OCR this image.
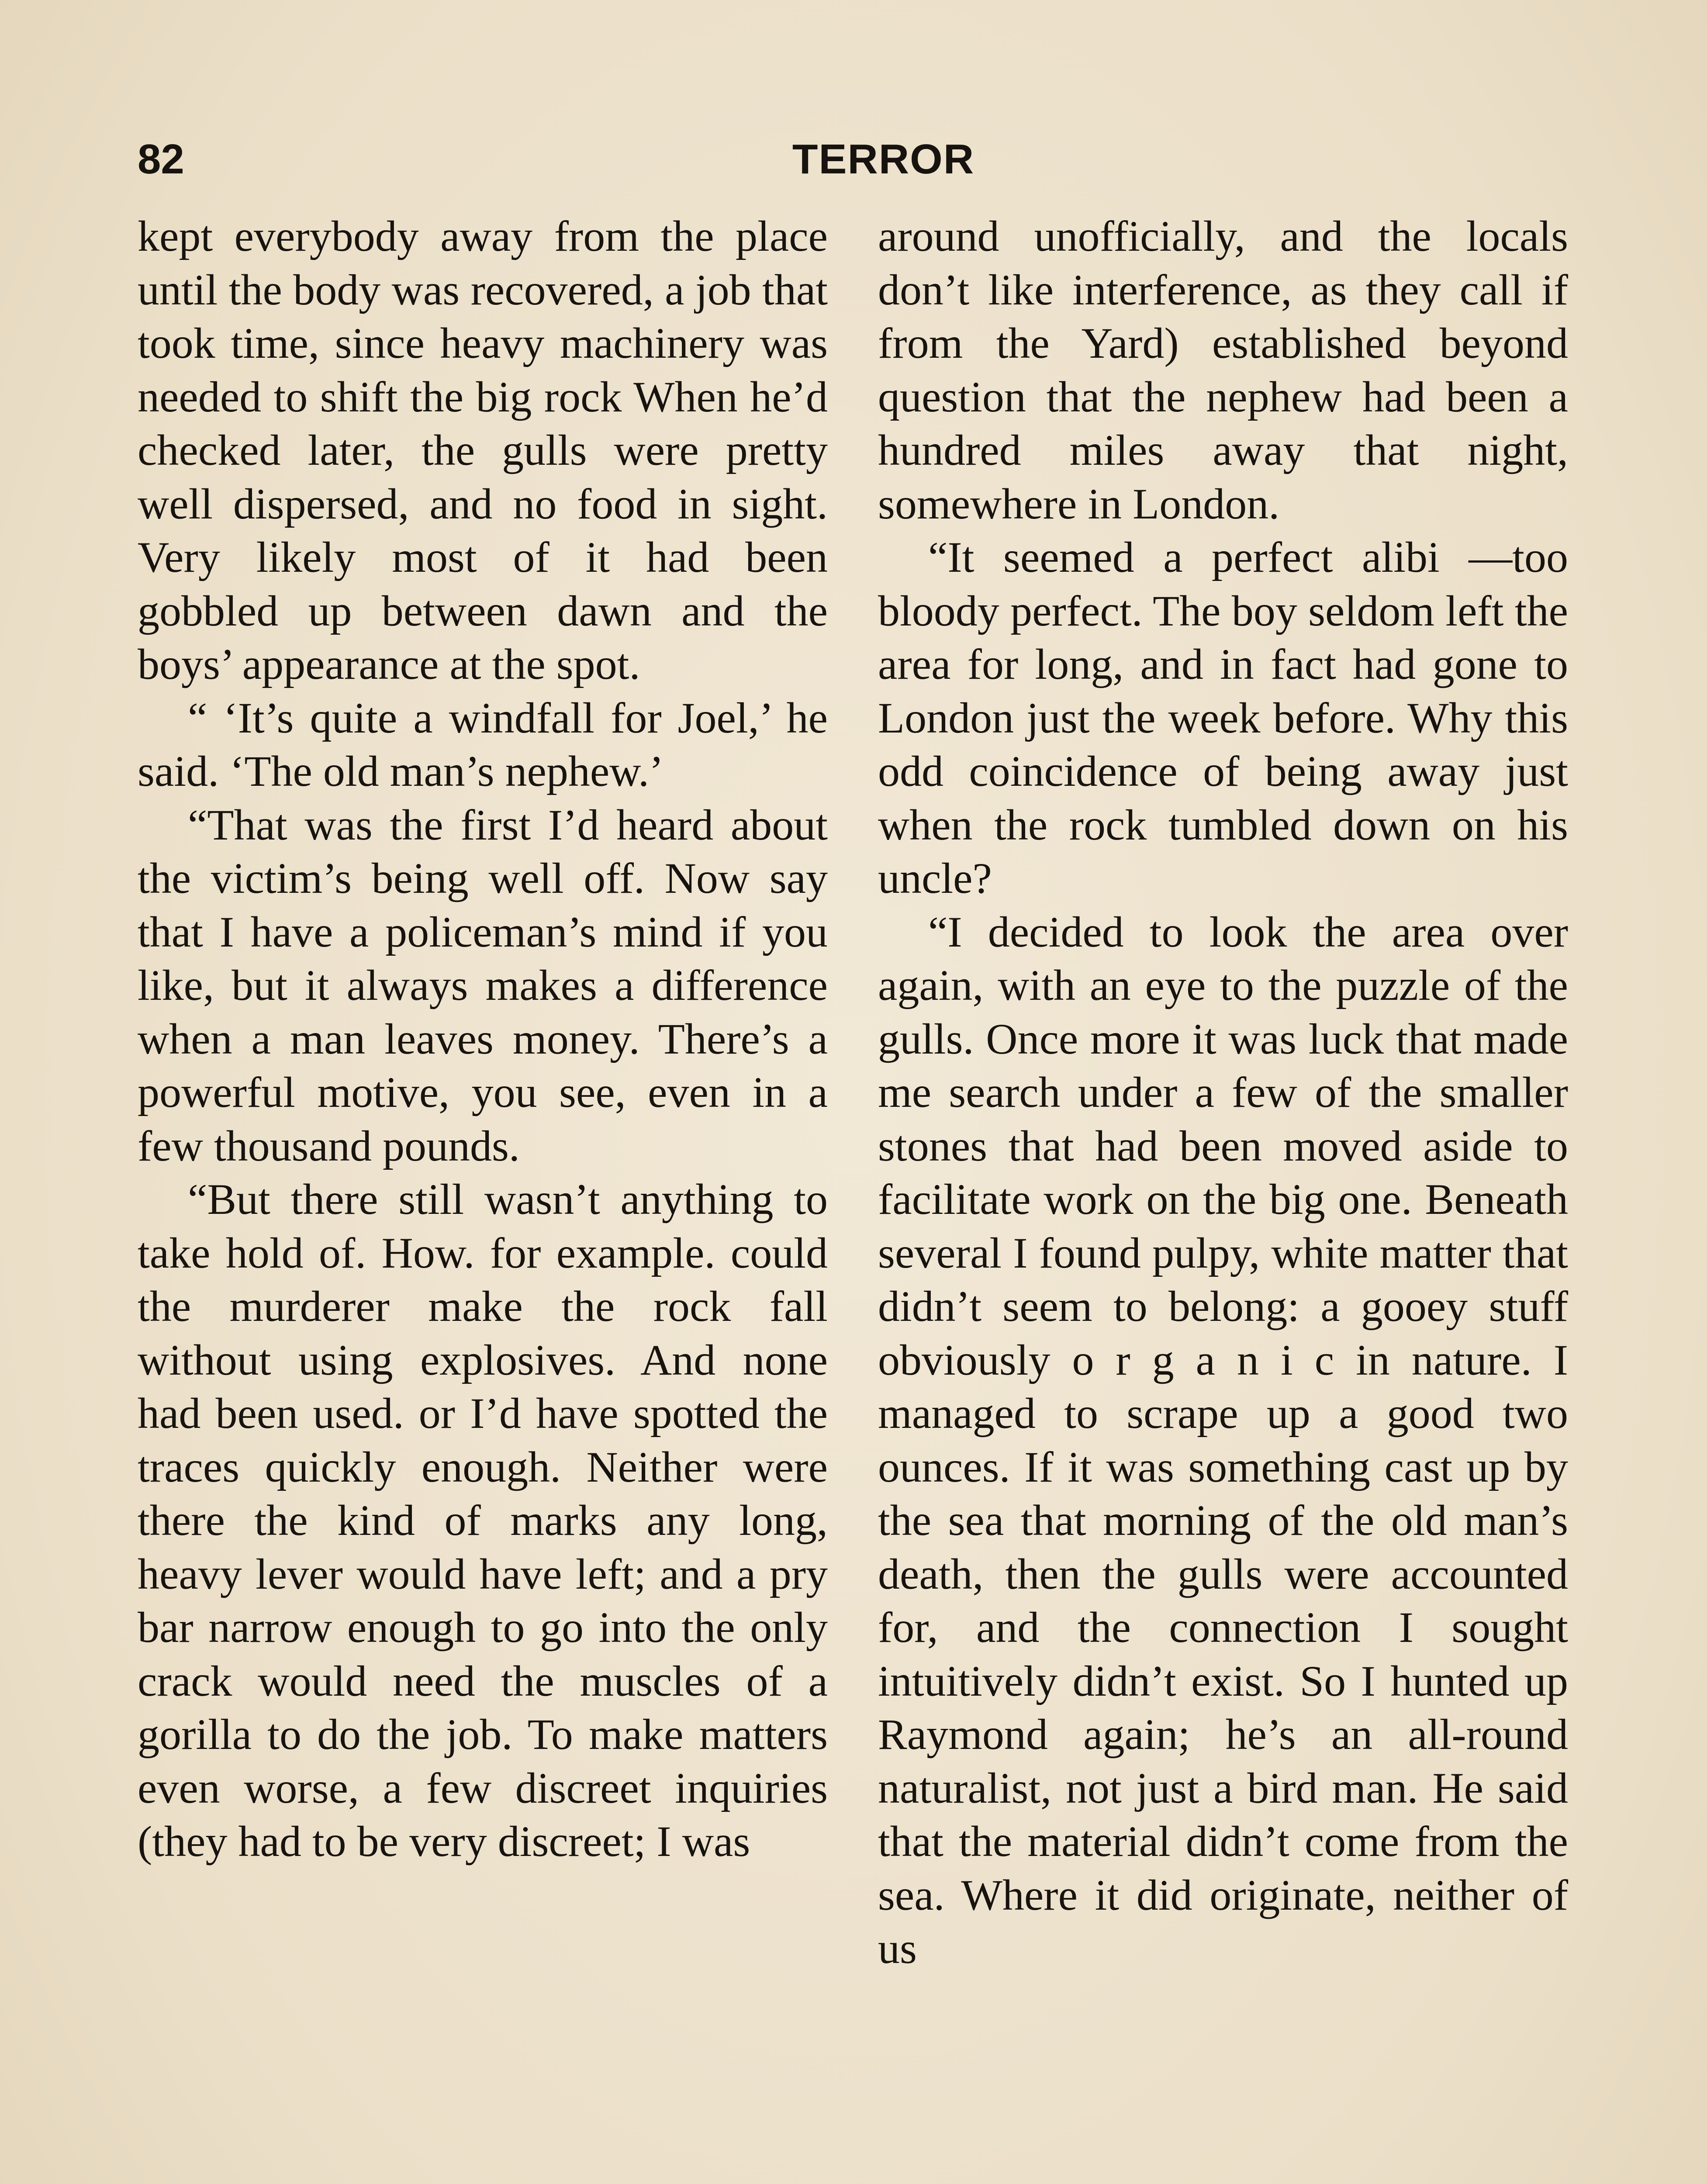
82	TERROR

kept everybody away from the place until the body was recovered, a job that took time, since heavy machinery was needed to shift the big rock When he’d checked later, the gulls were pretty well dispersed, and no food in sight. Very likely most of it had been gobbled up between dawn and the boys’ appearance at the spot.

“ ‘It’s quite a windfall for Joel,’ he said. ‘The old man’s nephew.’

“That was the first I’d heard about the victim’s being well off. Now say that I have a policeman’s mind if you like, but it always makes a difference when a man leaves money. There’s a powerful motive, you see, even in a few thousand pounds.

“But there still wasn’t anything to take hold of. How. for example. could the murderer make the rock fall without using explosives. And none had been used. or I’d have spotted the traces quickly enough. Neither were there the kind of marks any long, heavy lever would have left; and a pry bar narrow enough to go into the only crack would need the muscles of a gorilla to do the job. To make matters even worse, a few discreet inquiries (they had to be very discreet; I was

around unofficially, and the locals don’t like interference, as they call if from the Yard) established beyond question that the nephew had been a hundred miles away that night, somewhere in London.

“It seemed a perfect alibi —too bloody perfect. The boy seldom left the area for long, and in fact had gone to London just the week before. Why this odd coincidence of being away just when the rock tumbled down on his uncle?

“I decided to look the area over again, with an eye to the puzzle of the gulls. Once more it was luck that made me search under a few of the smaller stones that had been moved aside to facilitate work on the big one. Beneath several I found pulpy, white matter that didn’t seem to belong: a gooey stuff obviously o r g a n i c in nature. I managed to scrape up a good two ounces. If it was something cast up by the sea that morning of the old man’s death, then the gulls were accounted for, and the connection I sought intuitively didn’t exist. So I hunted up Raymond again; he’s an all-round naturalist, not just a bird man. He said that the material didn’t come from the sea. Where it did originate, neither of us
